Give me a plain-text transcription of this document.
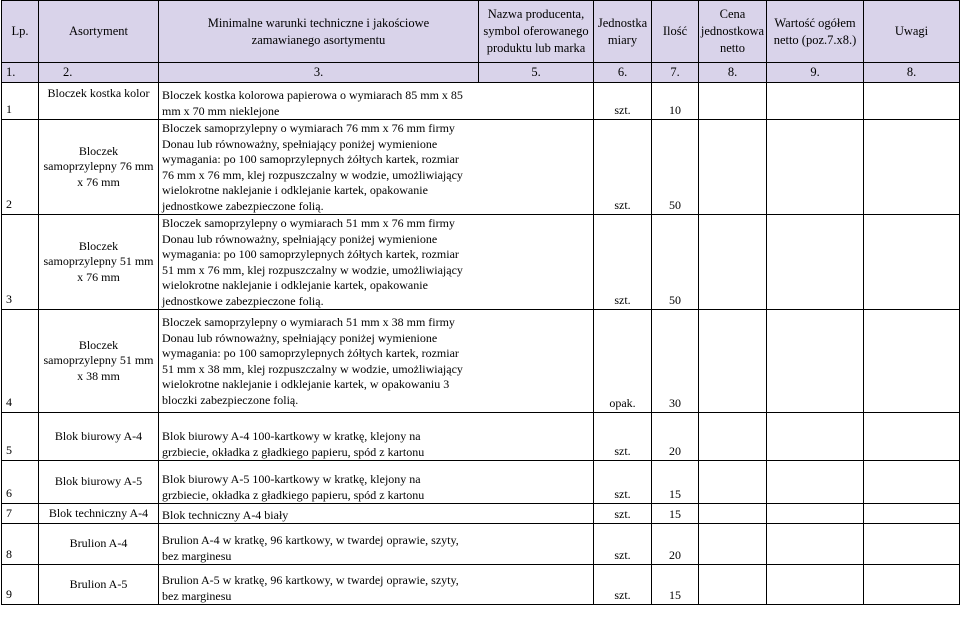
Lp.	Asortyment	Minimalne warunki techniczne i jakościowe zamawianego asortymentu	Nazwa producenta, symbol oferowanego produktu lub marka	Jednostka miary	Ilość	Cena jednostkowa netto	Wartość ogółem netto (poz.7.x8.)	Uwagi
1.	2.	3.	5.	6.	7.	8.	9.	8.
1	Bloczek kostka kolor	Bloczek kostka kolorowa papierowa o wymiarach 85 mm x 85 mm x 70 mm nieklejone		szt.	10			
2	Bloczek samoprzylepny 76 mm x 76 mm	Bloczek samoprzylepny o wymiarach 76 mm x 76 mm firmy Donau lub równoważny, spełniający poniżej wymienione wymagania: po 100 samoprzylepnych żółtych kartek, rozmiar 76 mm x 76 mm, klej rozpuszczalny w wodzie, umożliwiający wielokrotne naklejanie i odklejanie kartek, opakowanie jednostkowe zabezpieczone folią.		szt.	50			
3	Bloczek samoprzylepny 51 mm x 76 mm	Bloczek samoprzylepny o wymiarach 51 mm x 76 mm firmy Donau lub równoważny, spełniający poniżej wymienione wymagania: po 100 samoprzylepnych żółtych kartek, rozmiar 51 mm x 76 mm, klej rozpuszczalny w wodzie, umożliwiający wielokrotne naklejanie i odklejanie kartek, opakowanie jednostkowe zabezpieczone folią.		szt.	50			
4	Bloczek samoprzylepny 51 mm x 38 mm	Bloczek samoprzylepny o wymiarach 51 mm x 38 mm firmy Donau lub równoważny, spełniający poniżej wymienione wymagania: po 100 samoprzylepnych żółtych kartek, rozmiar 51 mm x 38 mm, klej rozpuszczalny w wodzie, umożliwiający wielokrotne naklejanie i odklejanie kartek, w opakowaniu 3 bloczki zabezpieczone folią.		opak.	30			
5	Blok biurowy A-4	Blok biurowy A-4 100-kartkowy w kratkę, klejony na grzbiecie, okładka z gładkiego papieru, spód z kartonu		szt.	20			
6	Blok biurowy A-5	Blok biurowy A-5 100-kartkowy w kratkę, klejony na grzbiecie, okładka z gładkiego papieru, spód z kartonu		szt.	15			
7	Blok techniczny A-4	Blok techniczny A-4 biały		szt.	15			
8	Brulion A-4	Brulion A-4 w kratkę, 96 kartkowy, w twardej oprawie, szyty, bez marginesu		szt.	20			
9	Brulion A-5	Brulion A-5 w kratkę, 96 kartkowy, w twardej oprawie, szyty, bez marginesu		szt.	15			
